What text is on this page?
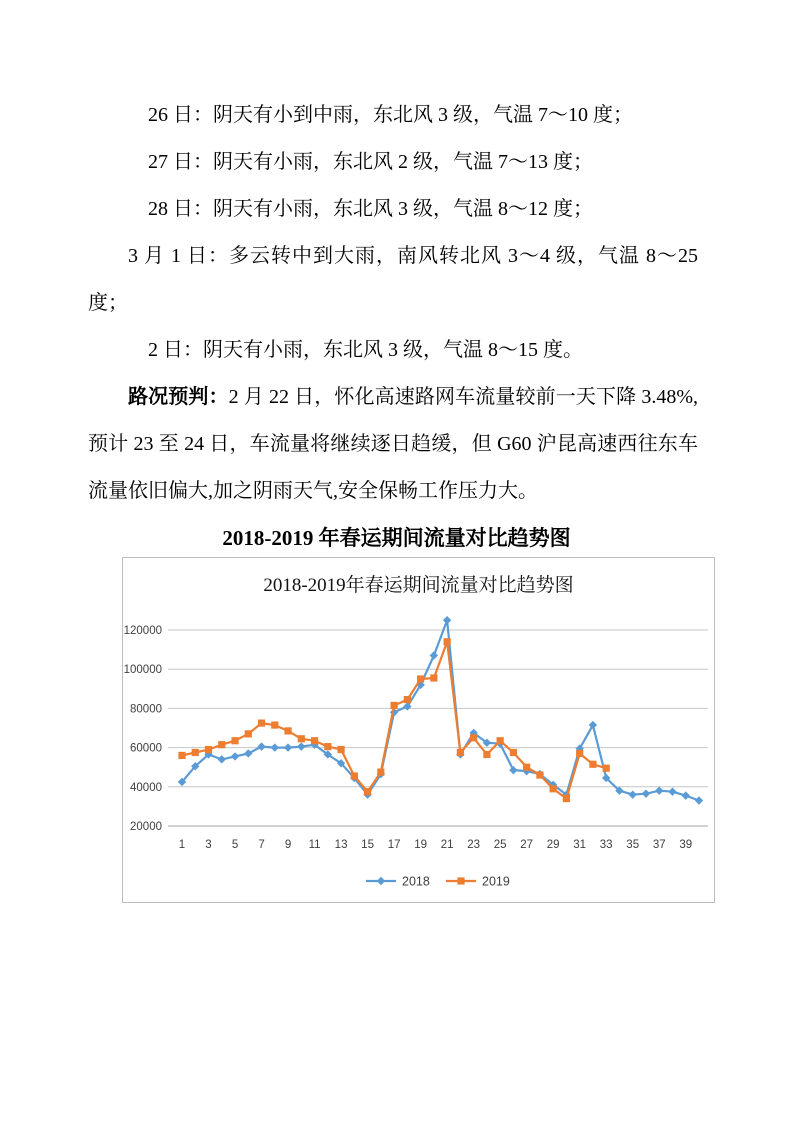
　26 日：阴天有小到中雨，东北风 3 级，气温 7～10 度；

　27 日：阴天有小雨，东北风 2 级，气温 7～13 度；

　28 日：阴天有小雨，东北风 3 级，气温 8～12 度；

3 月 1 日：多云转中到大雨，南风转北风 3～4 级，气温 8～25 度；

　2 日：阴天有小雨，东北风 3 级，气温 8～15 度。

路况预判：2 月 22 日，怀化高速路网车流量较前一天下降 3.48%,预计 23 至 24 日，车流量将继续逐日趋缓，但 G60 沪昆高速西往东车流量依旧偏大,加之阴雨天气,安全保畅工作压力大。

2018-2019 年春运期间流量对比趋势图
120000
100000
80000
60000
40000
20000
1 3 5 7 9 11 13 15 17 19 21 23 25 27 29 31 33 35 37 39
2018	2019
2018-2019年春运期间流量对比趋势图
